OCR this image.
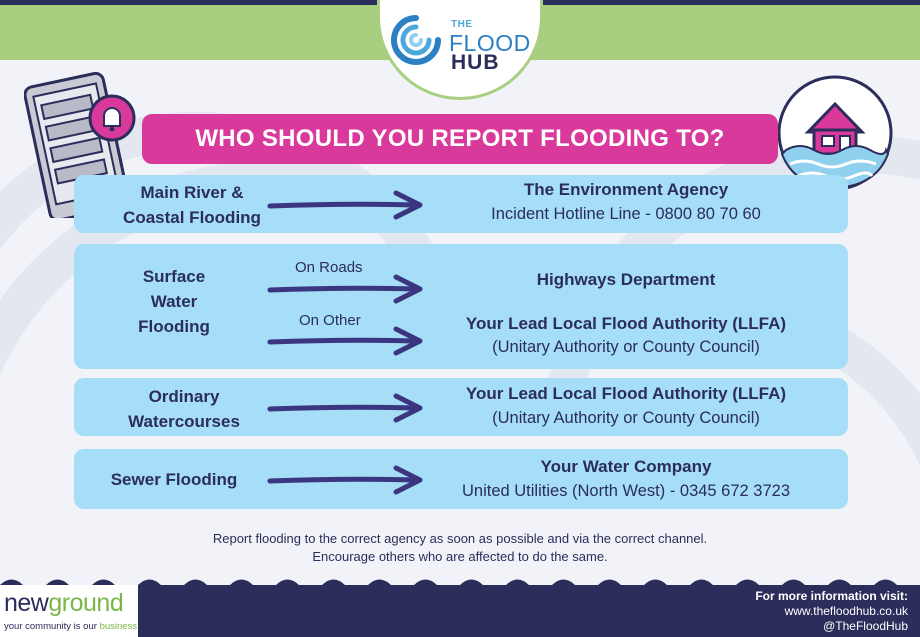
THE
FLOOD
HUB
WHO SHOULD YOU REPORT FLOODING TO?
Main River &
Coastal Flooding
The Environment Agency
Incident Hotline Line - 0800 80 70 60
Surface
Water
Flooding
On Roads
Highways Department
On Other	Your Lead Local Flood Authority (LLFA)
(Unitary Authority or County Council)
Ordinary
Watercourses
Your Lead Local Flood Authority (LLFA)
(Unitary Authority or County Council)
Sewer Flooding
Your Water Company
United Utilities (North West) - 0345 672 3723
Report flooding to the correct agency as soon as possible and via the correct channel.
Encourage others who are affected to do the same.
newground
your community is our business
For more information visit:
www.thefloodhub.co.uk
@TheFloodHub
